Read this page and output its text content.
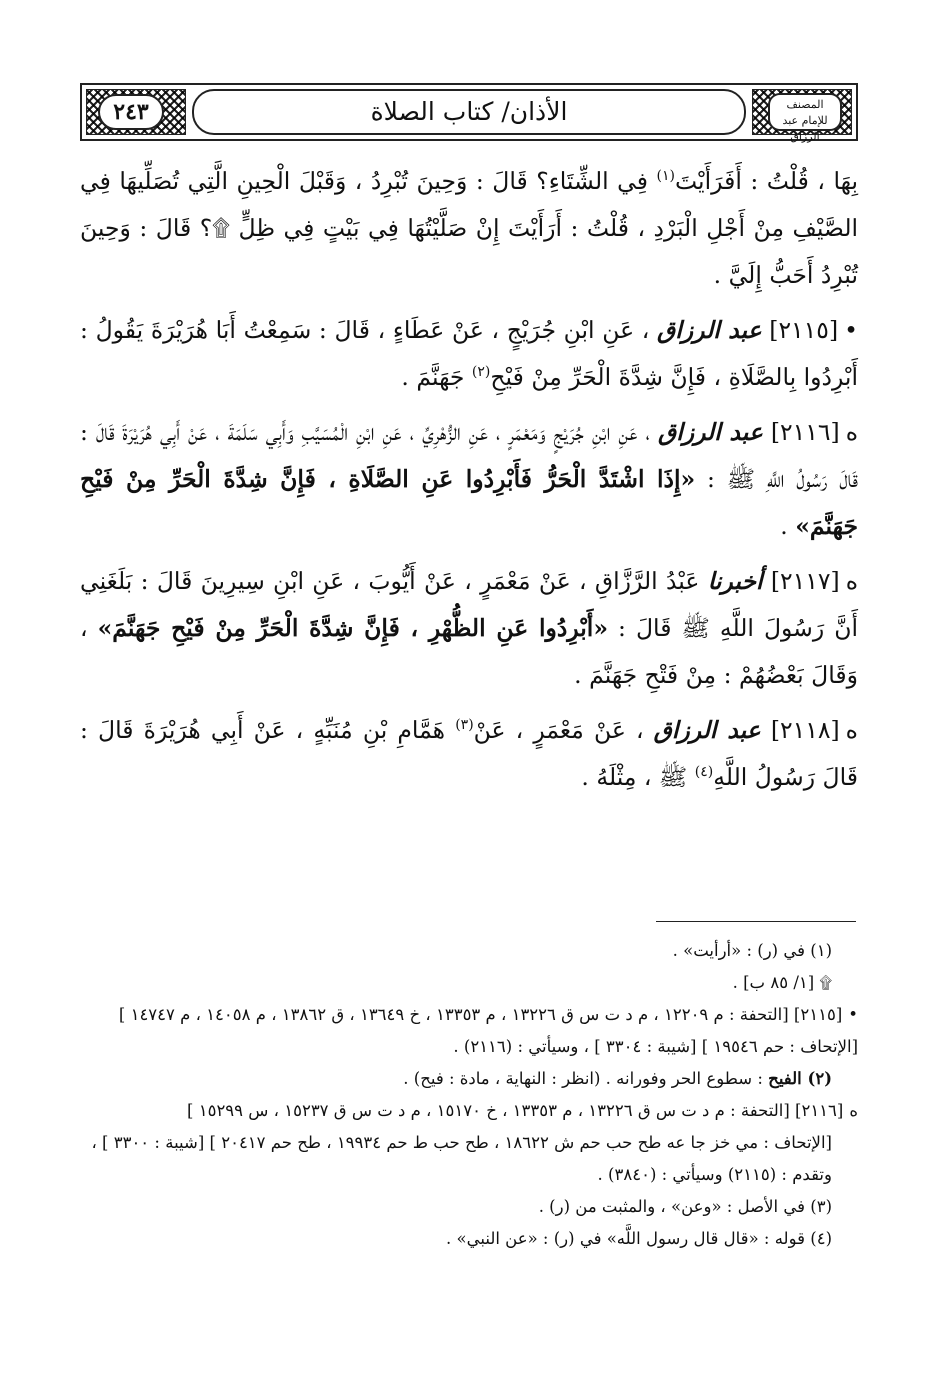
الأذان/ كتاب الصلاة
٢٤٣	المصنف
للإمام عبد الرزاق

بِهَا ، قُلْتُ : أَفَرَأَيْتَ$^{(١)}$ فِي الشِّتَاءِ؟ قَالَ : وَحِينَ تُبْرِدُ ، وَقَبْلَ الْحِينِ الَّتِي تُصَلِّيهَا فِي الصَّيْفِ مِنْ أَجْلِ الْبَرْدِ ، قُلْتُ : أَرَأَيْتَ إِنْ صَلَّيْتُهَا فِي بَيْتٍ فِي ظِلٍّ ۩؟ قَالَ : وَحِينَ تُبْرِدُ أَحَبُّ إِلَيَّ .

•[٢١١٥] عبد الرزاق ، عَنِ ابْنِ جُرَيْجٍ ، عَنْ عَطَاءٍ ، قَالَ : سَمِعْتُ أَبَا هُرَيْرَةَ يَقُولُ : أَبْرِدُوا بِالصَّلَاةِ ، فَإِنَّ شِدَّةَ الْحَرِّ مِنْ فَيْحِ$^{(٢)}$ جَهَنَّمَ .

ه[٢١١٦] عبد الرزاق ، عَنِ ابْنِ جُرَيْجٍ وَمَعْمَرٍ ، عَنِ الزُّهْرِيِّ ، عَنِ ابْنِ الْمُسَيَّبِ وَأَبِي سَلَمَةَ ، عَنْ أَبِي هُرَيْرَةَ قَالَ : قَالَ رَسُولُ اللَّهِ ﷺ : «إِذَا اشْتَدَّ الْحَرُّ فَأَبْرِدُوا عَنِ الصَّلَاةِ ، فَإِنَّ شِدَّةَ الْحَرِّ مِنْ فَيْحِ جَهَنَّمَ» .

ه[٢١١٧] أخبرنا عَبْدُ الرَّزَّاقِ ، عَنْ مَعْمَرٍ ، عَنْ أَيُّوبَ ، عَنِ ابْنِ سِيرِينَ قَالَ : بَلَغَنِي أَنَّ رَسُولَ اللَّهِ ﷺ قَالَ : «أَبْرِدُوا عَنِ الظُّهْرِ ، فَإِنَّ شِدَّةَ الْحَرِّ مِنْ فَيْحِ جَهَنَّمَ» ، وَقَالَ بَعْضُهُمْ : مِنْ فَتْحِ جَهَنَّمَ .

ه[٢١١٨] عبد الرزاق ، عَنْ مَعْمَرٍ ، عَنْ$^{(٣)}$ هَمَّامِ بْنِ مُنَبِّهٍ ، عَنْ أَبِي هُرَيْرَةَ قَالَ : قَالَ رَسُولُ اللَّهِ$^{(٤)}$ ﷺ ، مِثْلَهُ .

(١) في (ر) : «أرأيت» .

۩ [١/ ٨٥ ب] .

•[٢١١٥] [التحفة : م ١٢٢٠٩ ، م د ت س ق ١٣٢٢٦ ، م ١٣٣٥٣ ، خ ١٣٦٤٩ ، ق ١٣٨٦٢ ، م ١٤٠٥٨ ، م ١٤٧٤٧ ] [الإتحاف : حم ١٩٥٤٦ ] [شيبة : ٣٣٠٤ ] ، وسيأتي : (٢١١٦) .

(٢) الفيح : سطوع الحر وفورانه . (انظر : النهاية ، مادة : فيح) .

ه[٢١١٦] [التحفة : م د ت س ق ١٣٢٢٦ ، م ١٣٣٥٣ ، خ ١٥١٧٠ ، م د ت س ق ١٥٢٣٧ ، س ١٥٢٩٩ ]

[الإتحاف : مي خز جا عه طح حب حم ش ١٨٦٢٢ ، طح حب ط حم ١٩٩٣٤ ، طح حم ٢٠٤١٧ ] [شيبة : ٣٣٠٠ ] ، وتقدم : (٢١١٥) وسيأتي : (٣٨٤٠) .

(٣) في الأصل : «وعن» ، والمثبت من (ر) .

(٤) قوله : «قال قال رسول اللَّه» في (ر) : «عن النبي» .
